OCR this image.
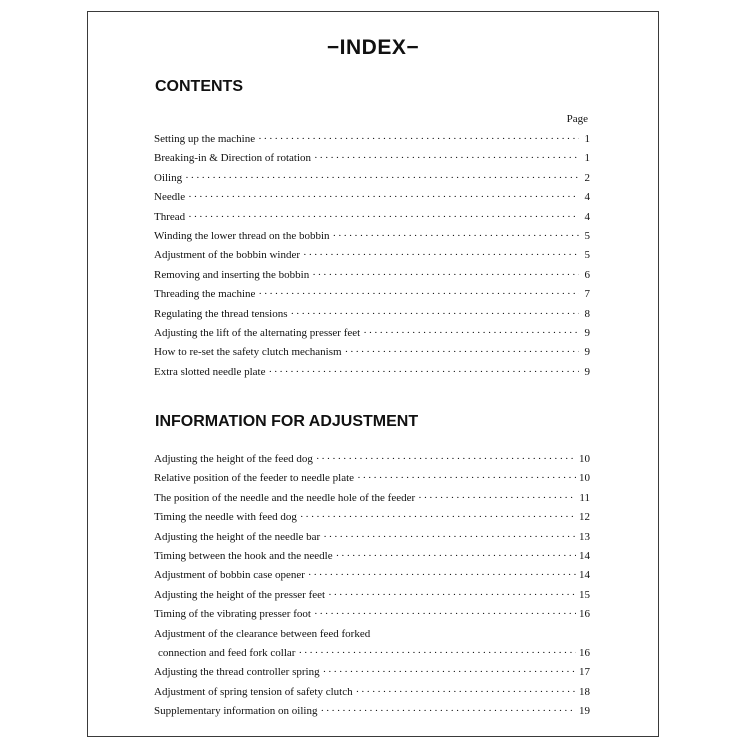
−INDEX−
CONTENTS
Page
Setting up the machine · · ·	1
Breaking-in & Direction of rotation · · ·	1
Oiling · · ·	2
Needle · · ·	4
Thread · · ·	4
Winding the lower thread on the bobbin · · ·	5
Adjustment of the bobbin winder · · ·	5
Removing and inserting the bobbin · · ·	6
Threading the machine · · ·	7
Regulating the thread tensions · · ·	8
Adjusting the lift of the alternating presser feet · · ·	9
How to re-set the safety clutch mechanism · · ·	9
Extra slotted needle plate · · ·	9
INFORMATION FOR ADJUSTMENT
Adjusting the height of the feed dog · · ·	10
Relative position of the feeder to needle plate · · ·	10
The position of the needle and the needle hole of the feeder · · ·	11
Timing the needle with feed dog · · ·	12
Adjusting the height of the needle bar · · ·	13
Timing between the hook and the needle · · ·	14
Adjustment of bobbin case opener · · ·	14
Adjusting the height of the presser feet · · ·	15
Timing of the vibrating presser foot · · ·	16
Adjustment of the clearance between feed forked
connection and feed fork collar · · ·	16
Adjusting the thread controller spring · · ·	17
Adjustment of spring tension of safety clutch · · ·	18
Supplementary information on oiling · · ·	19
